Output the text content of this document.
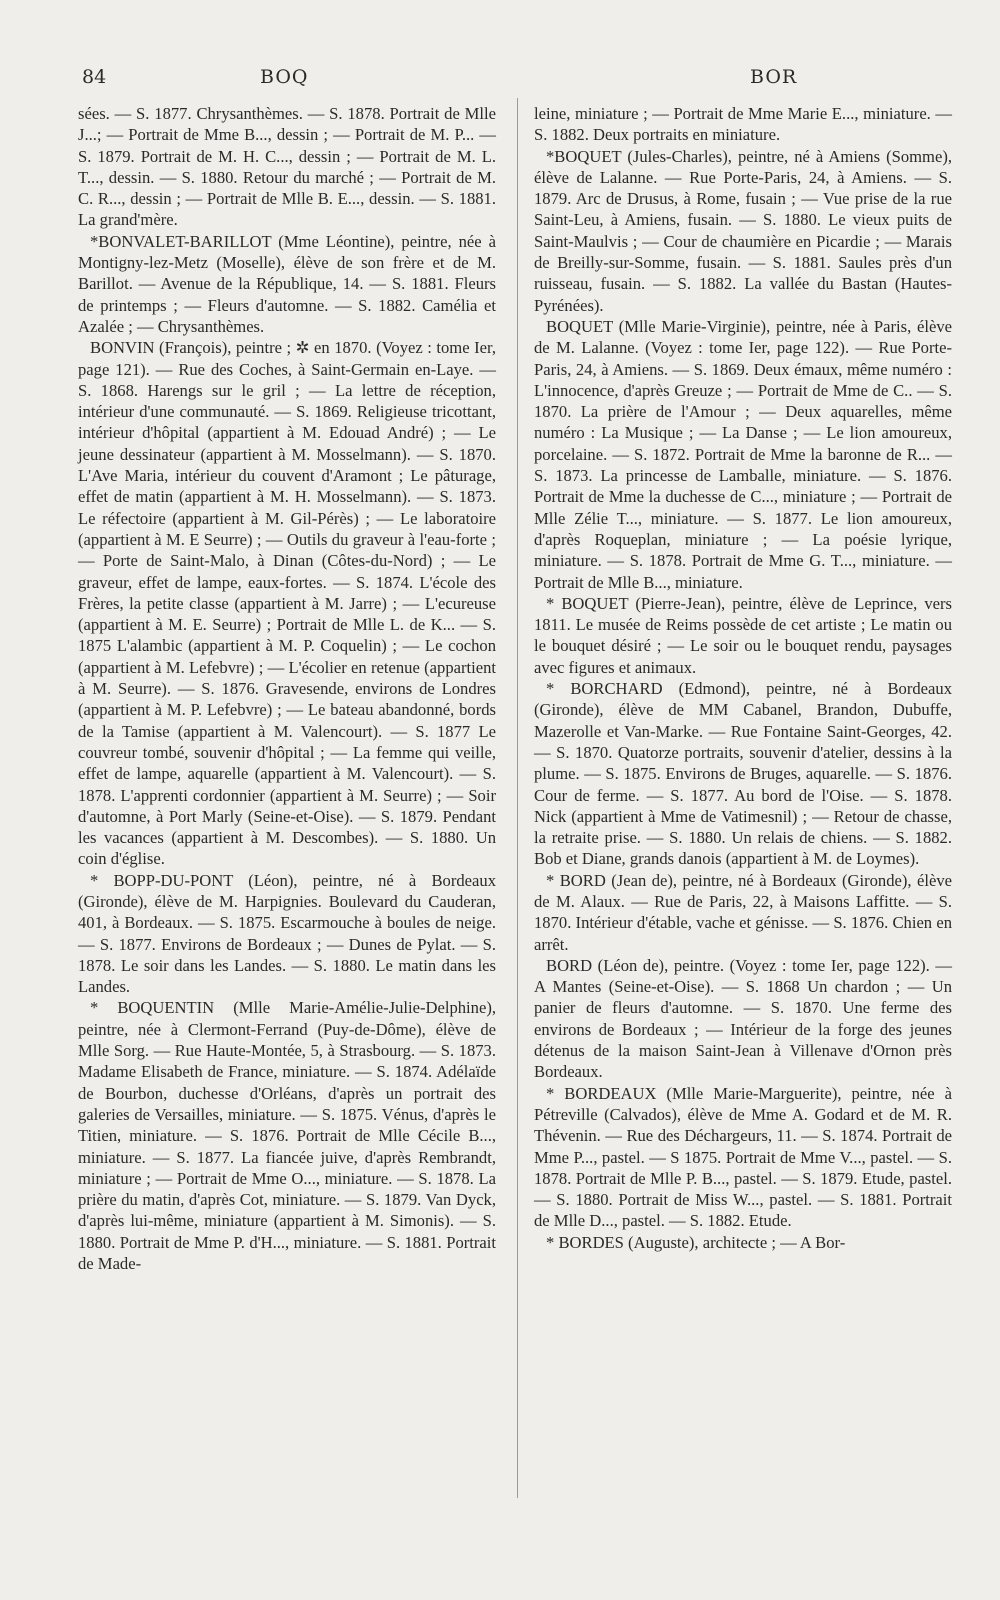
84	BOQ	BOR

sées. — S. 1877. Chrysanthèmes. — S. 1878. Portrait de Mlle J...; — Portrait de Mme B..., dessin ; — Portrait de M. P... — S. 1879. Portrait de M. H. C..., dessin ; — Portrait de M. L. T..., dessin. — S. 1880. Retour du marché ; — Portrait de M. C. R..., dessin ; — Portrait de Mlle B. E..., dessin. — S. 1881. La grand'mère.

*BONVALET-BARILLOT (Mme Léontine), peintre, née à Montigny-lez-Metz (Moselle), élève de son frère et de M. Barillot. — Avenue de la République, 14. — S. 1881. Fleurs de printemps ; — Fleurs d'automne. — S. 1882. Camélia et Azalée ; — Chrysanthèmes.

BONVIN (François), peintre ; ✲ en 1870. (Voyez : tome Ier, page 121). — Rue des Coches, à Saint-Germain en-Laye. — S. 1868. Harengs sur le gril ; — La lettre de réception, intérieur d'une communauté. — S. 1869. Religieuse tricottant, intérieur d'hôpital (appartient à M. Edouad André) ; — Le jeune dessinateur (appartient à M. Mosselmann). — S. 1870. L'Ave Maria, intérieur du couvent d'Aramont ; Le pâturage, effet de matin (appartient à M. H. Mosselmann). — S. 1873. Le réfectoire (appartient à M. Gil-Pérès) ; — Le laboratoire (appartient à M. E Seurre) ; — Outils du graveur à l'eau-forte ; — Porte de Saint-Malo, à Dinan (Côtes-du-Nord) ; — Le graveur, effet de lampe, eaux-fortes. — S. 1874. L'école des Frères, la petite classe (appartient à M. Jarre) ; — L'ecureuse (appartient à M. E. Seurre) ; Portrait de Mlle L. de K... — S. 1875 L'alambic (appartient à M. P. Coquelin) ; — Le cochon (appartient à M. Lefebvre) ; — L'écolier en retenue (appartient à M. Seurre). — S. 1876. Gravesende, environs de Londres (appartient à M. P. Lefebvre) ; — Le bateau abandonné, bords de la Tamise (appartient à M. Valencourt). — S. 1877 Le couvreur tombé, souvenir d'hôpital ; — La femme qui veille, effet de lampe, aquarelle (appartient à M. Valencourt). — S. 1878. L'apprenti cordonnier (appartient à M. Seurre) ; — Soir d'automne, à Port Marly (Seine-et-Oise). — S. 1879. Pendant les vacances (appartient à M. Descombes). — S. 1880. Un coin d'église.

* BOPP-DU-PONT (Léon), peintre, né à Bordeaux (Gironde), élève de M. Harpignies. Boulevard du Cauderan, 401, à Bordeaux. — S. 1875. Escarmouche à boules de neige. — S. 1877. Environs de Bordeaux ; — Dunes de Pylat. — S. 1878. Le soir dans les Landes. — S. 1880. Le matin dans les Landes.

* BOQUENTIN (Mlle Marie-Amélie-Julie-Delphine), peintre, née à Clermont-Ferrand (Puy-de-Dôme), élève de Mlle Sorg. — Rue Haute-Montée, 5, à Strasbourg. — S. 1873. Madame Elisabeth de France, miniature. — S. 1874. Adélaïde de Bourbon, duchesse d'Orléans, d'après un portrait des galeries de Versailles, miniature. — S. 1875. Vénus, d'après le Titien, miniature. — S. 1876. Portrait de Mlle Cécile B..., miniature. — S. 1877. La fiancée juive, d'après Rembrandt, miniature ; — Portrait de Mme O..., miniature. — S. 1878. La prière du matin, d'après Cot, miniature. — S. 1879. Van Dyck, d'après lui-même, miniature (appartient à M. Simonis). — S. 1880. Portrait de Mme P. d'H..., miniature. — S. 1881. Portrait de Made-

leine, miniature ; — Portrait de Mme Marie E..., miniature. — S. 1882. Deux portraits en miniature.

*BOQUET (Jules-Charles), peintre, né à Amiens (Somme), élève de Lalanne. — Rue Porte-Paris, 24, à Amiens. — S. 1879. Arc de Drusus, à Rome, fusain ; — Vue prise de la rue Saint-Leu, à Amiens, fusain. — S. 1880. Le vieux puits de Saint-Maulvis ; — Cour de chaumière en Picardie ; — Marais de Breilly-sur-Somme, fusain. — S. 1881. Saules près d'un ruisseau, fusain. — S. 1882. La vallée du Bastan (Hautes-Pyrénées).

BOQUET (Mlle Marie-Virginie), peintre, née à Paris, élève de M. Lalanne. (Voyez : tome Ier, page 122). — Rue Porte-Paris, 24, à Amiens. — S. 1869. Deux émaux, même numéro : L'innocence, d'après Greuze ; — Portrait de Mme de C.. — S. 1870. La prière de l'Amour ; — Deux aquarelles, même numéro : La Musique ; — La Danse ; — Le lion amoureux, porcelaine. — S. 1872. Portrait de Mme la baronne de R... — S. 1873. La princesse de Lamballe, miniature. — S. 1876. Portrait de Mme la duchesse de C..., miniature ; — Portrait de Mlle Zélie T..., miniature. — S. 1877. Le lion amoureux, d'après Roqueplan, miniature ; — La poésie lyrique, miniature. — S. 1878. Portrait de Mme G. T..., miniature. — Portrait de Mlle B..., miniature.

* BOQUET (Pierre-Jean), peintre, élève de Leprince, vers 1811. Le musée de Reims possède de cet artiste ; Le matin ou le bouquet désiré ; — Le soir ou le bouquet rendu, paysages avec figures et animaux.

* BORCHARD (Edmond), peintre, né à Bordeaux (Gironde), élève de MM Cabanel, Brandon, Dubuffe, Mazerolle et Van-Marke. — Rue Fontaine Saint-Georges, 42. — S. 1870. Quatorze portraits, souvenir d'atelier, dessins à la plume. — S. 1875. Environs de Bruges, aquarelle. — S. 1876. Cour de ferme. — S. 1877. Au bord de l'Oise. — S. 1878. Nick (appartient à Mme de Vatimesnil) ; — Retour de chasse, la retraite prise. — S. 1880. Un relais de chiens. — S. 1882. Bob et Diane, grands danois (appartient à M. de Loymes).

* BORD (Jean de), peintre, né à Bordeaux (Gironde), élève de M. Alaux. — Rue de Paris, 22, à Maisons Laffitte. — S. 1870. Intérieur d'étable, vache et génisse. — S. 1876. Chien en arrêt.

BORD (Léon de), peintre. (Voyez : tome Ier, page 122). — A Mantes (Seine-et-Oise). — S. 1868 Un chardon ; — Un panier de fleurs d'automne. — S. 1870. Une ferme des environs de Bordeaux ; — Intérieur de la forge des jeunes détenus de la maison Saint-Jean à Villenave d'Ornon près Bordeaux.

* BORDEAUX (Mlle Marie-Marguerite), peintre, née à Pétreville (Calvados), élève de Mme A. Godard et de M. R. Thévenin. — Rue des Déchargeurs, 11. — S. 1874. Portrait de Mme P..., pastel. — S 1875. Portrait de Mme V..., pastel. — S. 1878. Portrait de Mlle P. B..., pastel. — S. 1879. Etude, pastel. — S. 1880. Portrait de Miss W..., pastel. — S. 1881. Portrait de Mlle D..., pastel. — S. 1882. Etude.

* BORDES (Auguste), architecte ; — A Bor-
